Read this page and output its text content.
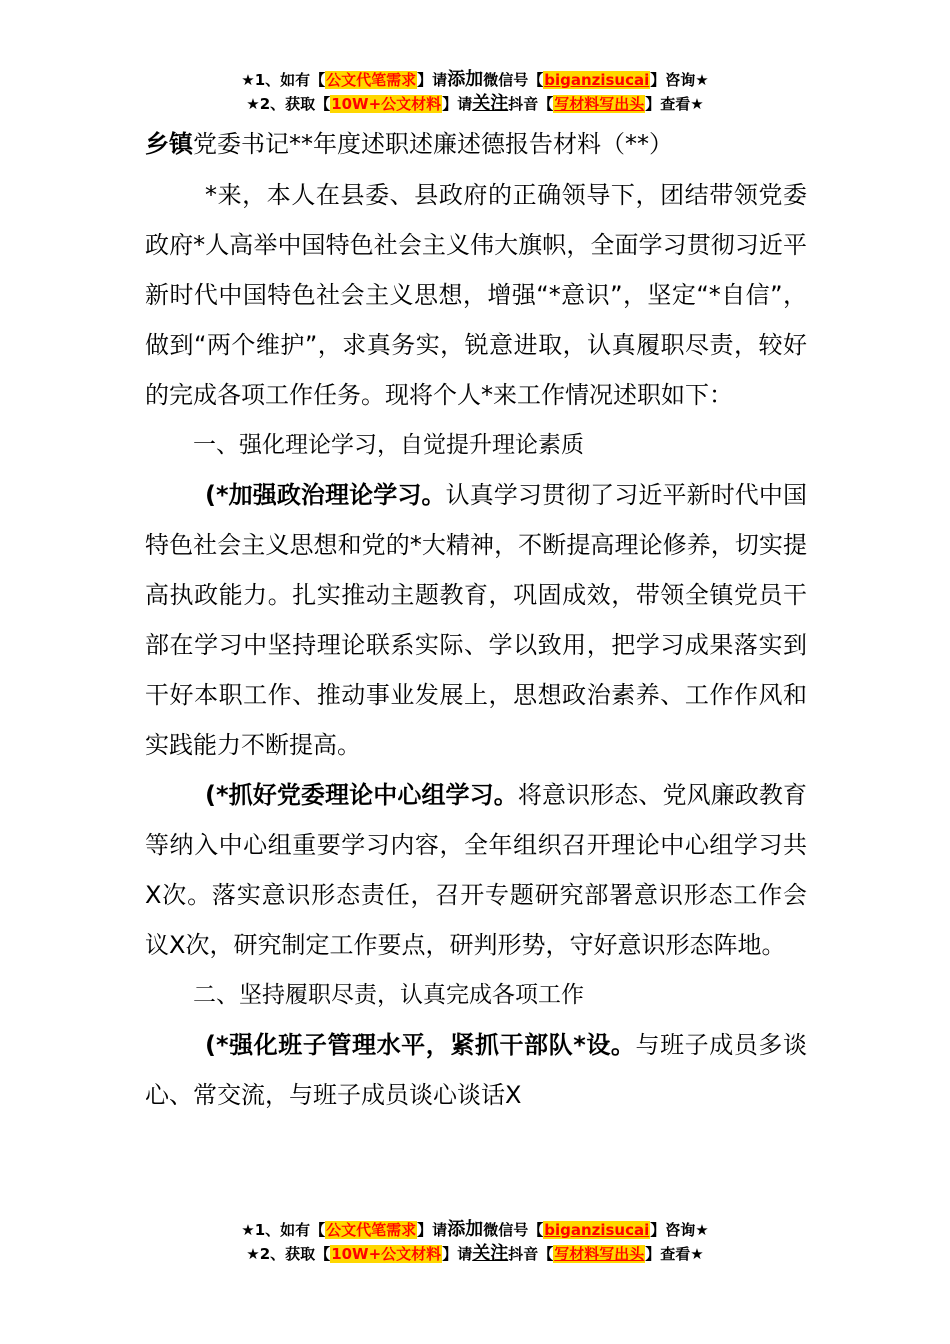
★1、如有【公文代笔需求】请添加微信号【biganzisucai】咨询★
★2、获取【10W+公文材料】请关注抖音【写材料写出头】查看★
乡镇党委书记**年度述职述廉述德报告材料（**）

*来，本人在县委、县政府的正确领导下，团结带领党委政府*人高举中国特色社会主义伟大旗帜，全面学习贯彻习近平新时代中国特色社会主义思想，增强“*意识”，坚定“*自信”，做到“两个维护”，求真务实，锐意进取，认真履职尽责，较好的完成各项工作任务。现将个人*来工作情况述职如下：

一、强化理论学习，自觉提升理论素质

(*加强政治理论学习。认真学习贯彻了习近平新时代中国特色社会主义思想和党的*大精神，不断提高理论修养，切实提高执政能力。扎实推动主题教育，巩固成效，带领全镇党员干部在学习中坚持理论联系实际、学以致用，把学习成果落实到干好本职工作、推动事业发展上，思想政治素养、工作作风和实践能力不断提高。

(*抓好党委理论中心组学习。将意识形态、党风廉政教育等纳入中心组重要学习内容，全年组织召开理论中心组学习共X次。落实意识形态责任，召开专题研究部署意识形态工作会议X次，研究制定工作要点，研判形势，守好意识形态阵地。

二、坚持履职尽责，认真完成各项工作

(*强化班子管理水平，紧抓干部队*设。与班子成员多谈心、常交流，与班子成员谈心谈话X

★1、如有【公文代笔需求】请添加微信号【biganzisucai】咨询★
★2、获取【10W+公文材料】请关注抖音【写材料写出头】查看★
